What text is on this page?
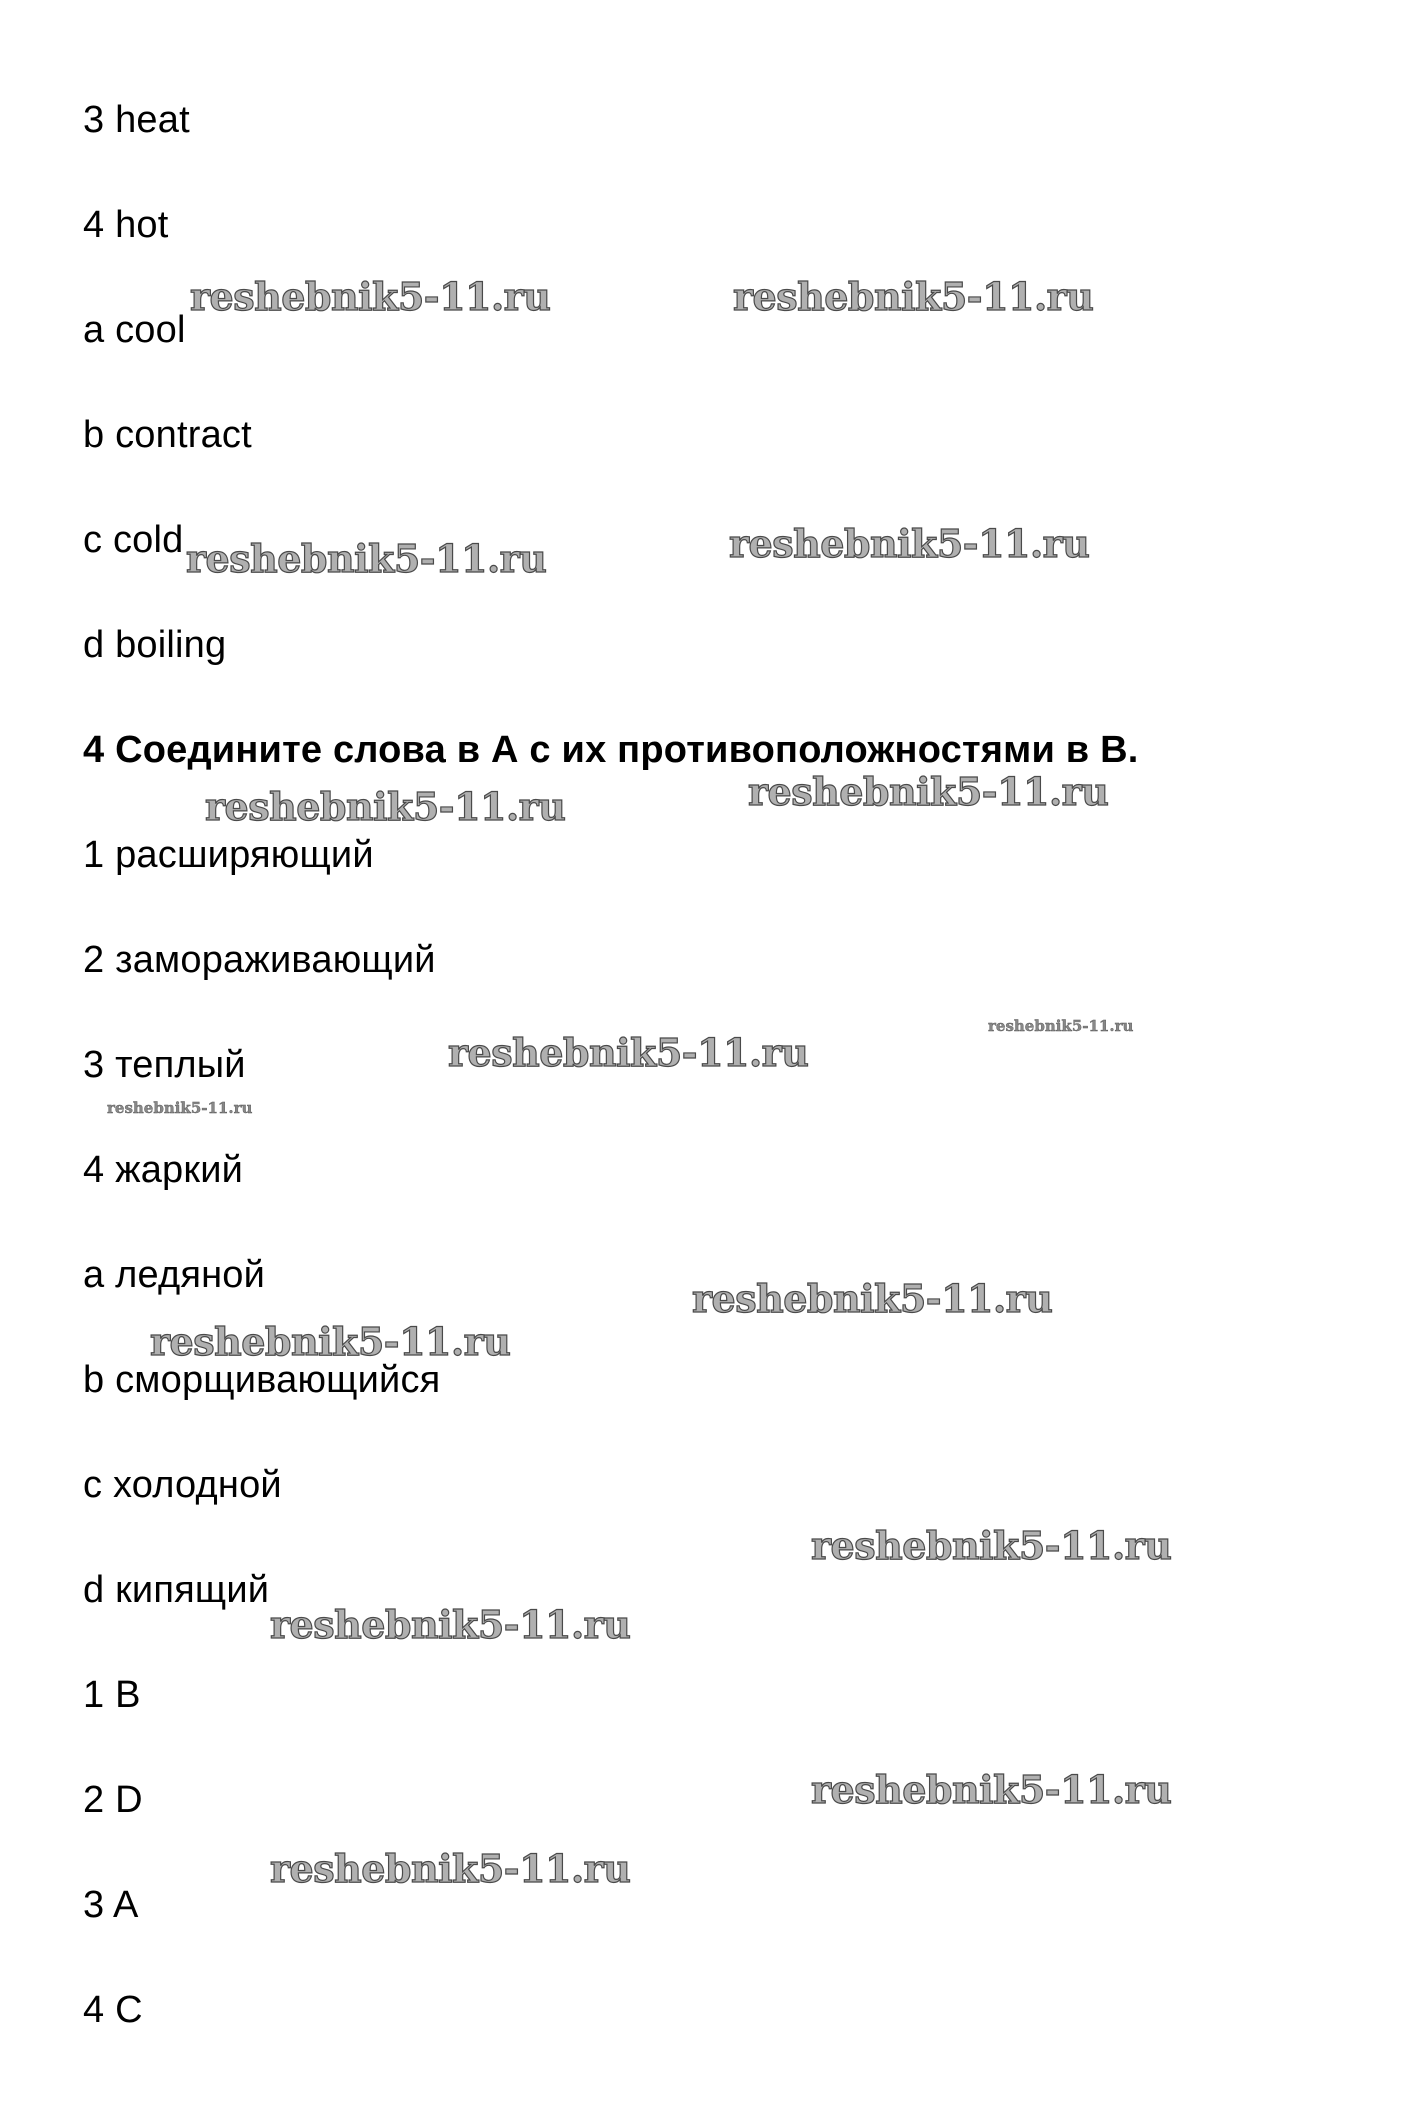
3 heat
4 hot
a cool
b contract
c cold
d boiling
4 Соедините слова в А с их противоположностями в В.
1 расширяющий
2 замораживающий
3 теплый
4 жаркий
a ледяной
b сморщивающийся
c холодной
d кипящий
1 B
2 D
3 A
4 C
reshebnik5-11.ru	reshebnik5-11.ru
reshebnik5-11.ru	reshebnik5-11.ru
reshebnik5-11.ru	reshebnik5-11.ru
reshebnik5-11.ru
reshebnik5-11.ru
reshebnik5-11.ru
reshebnik5-11.ru
reshebnik5-11.ru
reshebnik5-11.ru
reshebnik5-11.ru
reshebnik5-11.ru
reshebnik5-11.ru
